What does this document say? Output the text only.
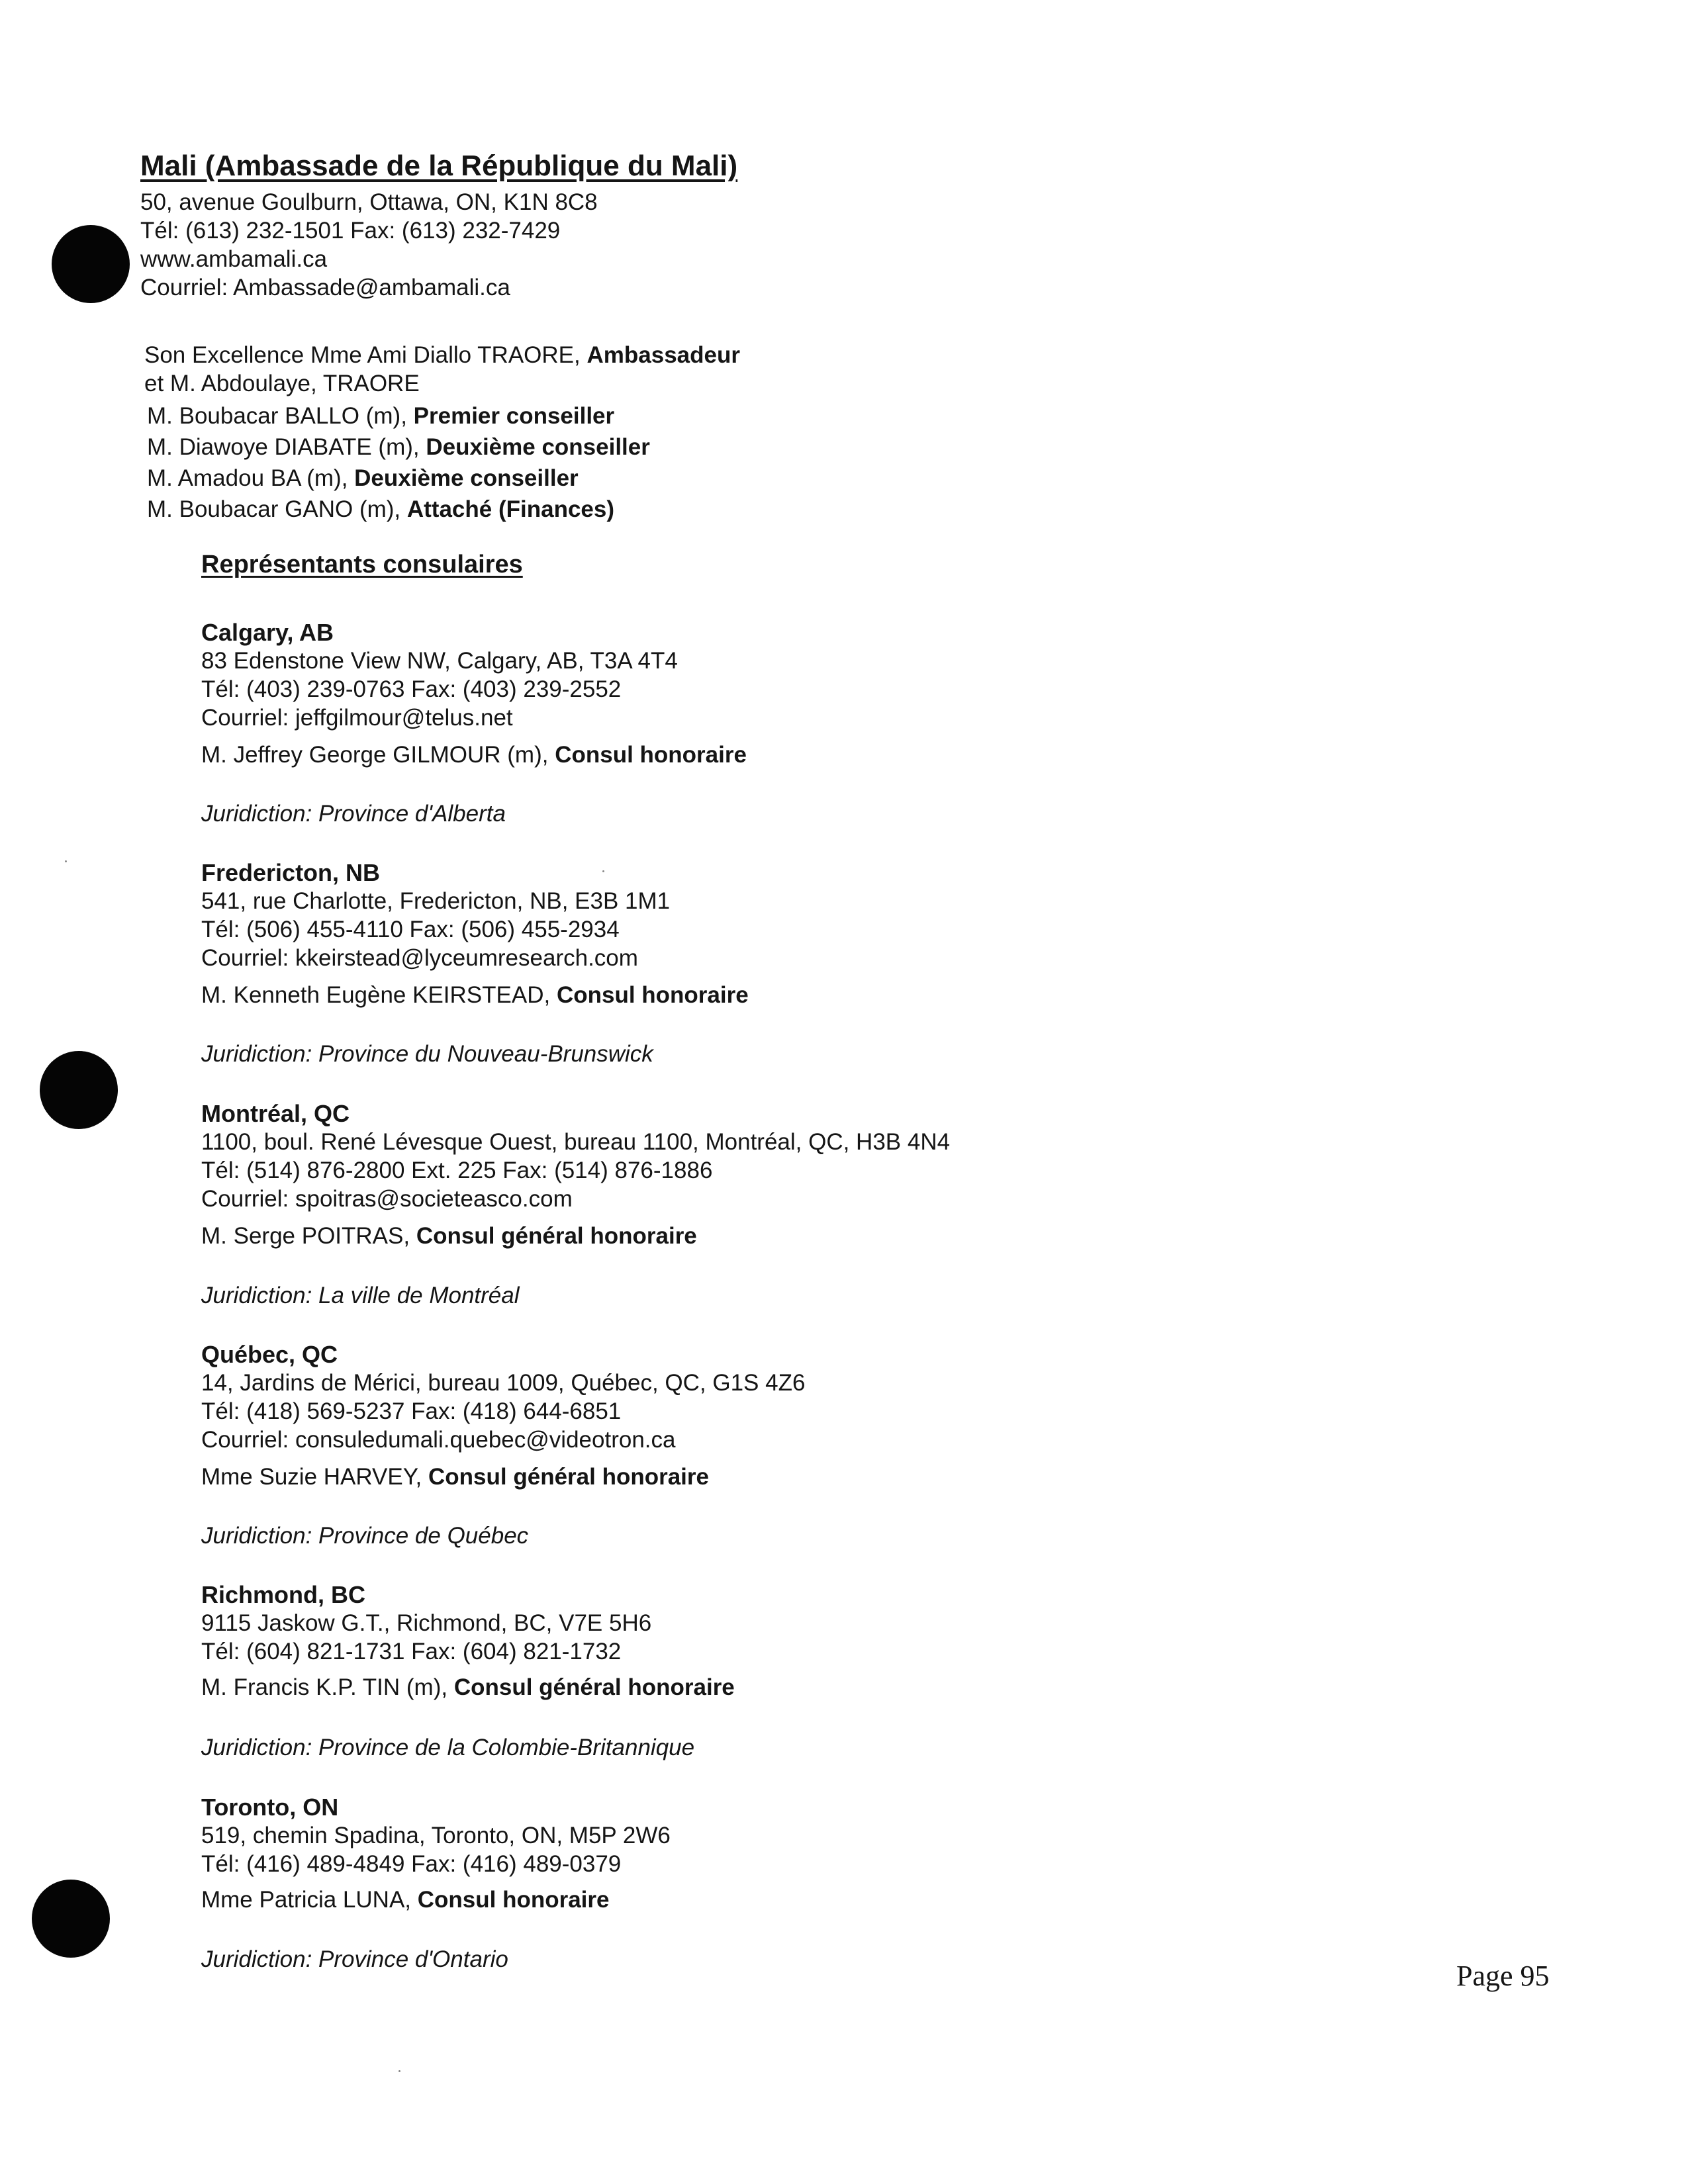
Mali (Ambassade de la République du Mali)
50, avenue Goulburn, Ottawa, ON, K1N 8C8
Tél: (613) 232-1501 Fax: (613) 232-7429
www.ambamali.ca
Courriel: Ambassade@ambamali.ca
Son Excellence Mme Ami Diallo TRAORE, Ambassadeur
et M. Abdoulaye, TRAORE
M. Boubacar BALLO (m), Premier conseiller
M. Diawoye DIABATE (m), Deuxième conseiller
M. Amadou BA (m), Deuxième conseiller
M. Boubacar GANO (m), Attaché (Finances)
Représentants consulaires
Calgary, AB
83 Edenstone View NW, Calgary, AB, T3A 4T4
Tél: (403) 239-0763 Fax: (403) 239-2552
Courriel: jeffgilmour@telus.net
M. Jeffrey George GILMOUR (m), Consul honoraire
Juridiction: Province d'Alberta
Fredericton, NB
541, rue Charlotte, Fredericton, NB, E3B 1M1
Tél: (506) 455-4110 Fax: (506) 455-2934
Courriel: kkeirstead@lyceumresearch.com
M. Kenneth Eugène KEIRSTEAD, Consul honoraire
Juridiction: Province du Nouveau-Brunswick
Montréal, QC
1100, boul. René Lévesque Ouest, bureau 1100, Montréal, QC, H3B 4N4
Tél: (514) 876-2800 Ext. 225 Fax: (514) 876-1886
Courriel: spoitras@societeasco.com
M. Serge POITRAS, Consul général honoraire
Juridiction: La ville de Montréal
Québec, QC
14, Jardins de Mérici, bureau 1009, Québec, QC, G1S 4Z6
Tél: (418) 569-5237 Fax: (418) 644-6851
Courriel: consuledumali.quebec@videotron.ca
Mme Suzie HARVEY, Consul général honoraire
Juridiction: Province de Québec
Richmond, BC
9115 Jaskow G.T., Richmond, BC, V7E 5H6
Tél: (604) 821-1731 Fax: (604) 821-1732
M. Francis K.P. TIN (m), Consul général honoraire
Juridiction: Province de la Colombie-Britannique
Toronto, ON
519, chemin Spadina, Toronto, ON, M5P 2W6
Tél: (416) 489-4849 Fax: (416) 489-0379
Mme Patricia LUNA, Consul honoraire
Juridiction: Province d'Ontario
Page 95
